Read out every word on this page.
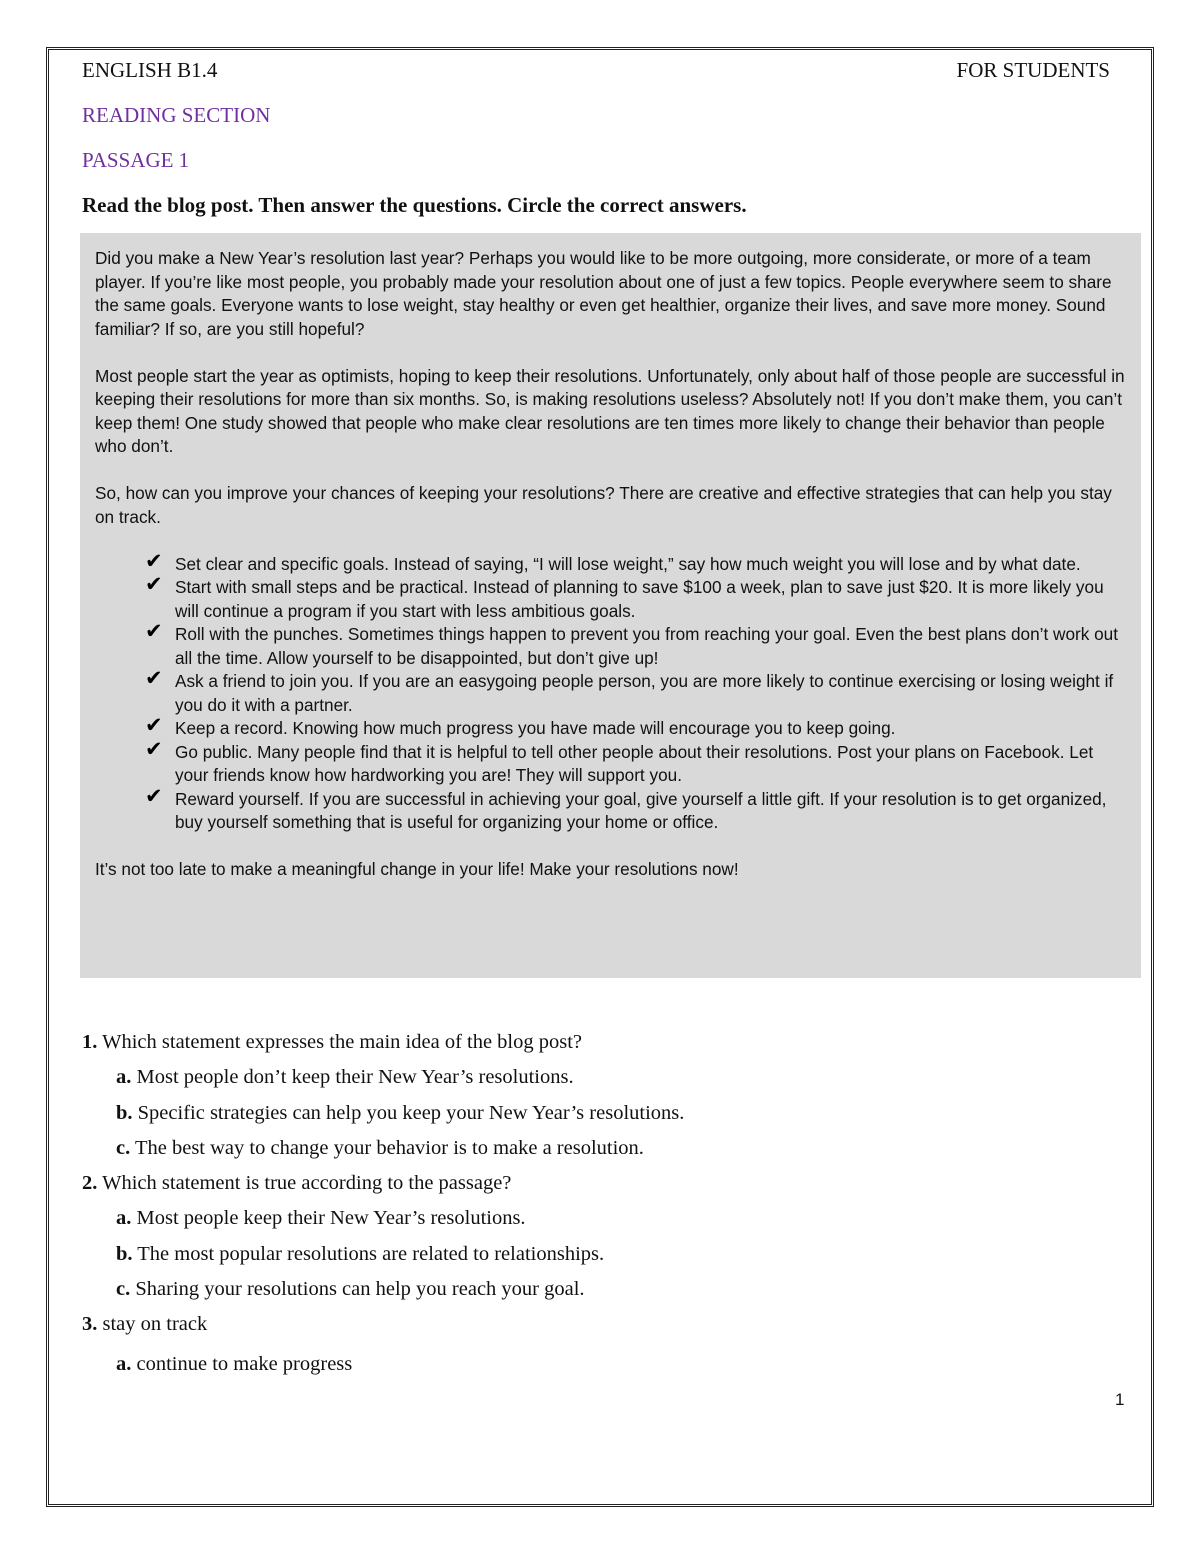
ENGLISH B1.4	FOR STUDENTS
READING SECTION
PASSAGE 1
Read the blog post. Then answer the questions. Circle the correct answers.

Did you make a New Year’s resolution last year? Perhaps you would like to be more outgoing, more considerate, or more of a team player. If you’re like most people, you probably made your resolution about one of just a few topics. People everywhere seem to share the same goals. Everyone wants to lose weight, stay healthy or even get healthier, organize their lives, and save more money. Sound familiar? If so, are you still hopeful?

Most people start the year as optimists, hoping to keep their resolutions. Unfortunately, only about half of those people are successful in keeping their resolutions for more than six months. So, is making resolutions useless? Absolutely not! If you don’t make them, you can’t keep them! One study showed that people who make clear resolutions are ten times more likely to change their behavior than people who don’t.

So, how can you improve your chances of keeping your resolutions? There are creative and effective strategies that can help you stay on track.

✔ Set clear and specific goals. Instead of saying, “I will lose weight,” say how much weight you will lose and by what date.
✔ Start with small steps and be practical. Instead of planning to save $100 a week, plan to save just $20. It is more likely you will continue a program if you start with less ambitious goals.
✔ Roll with the punches. Sometimes things happen to prevent you from reaching your goal. Even the best plans don’t work out all the time. Allow yourself to be disappointed, but don’t give up!
✔ Ask a friend to join you. If you are an easygoing people person, you are more likely to continue exercising or losing weight if you do it with a partner.
✔ Keep a record. Knowing how much progress you have made will encourage you to keep going.
✔ Go public. Many people find that it is helpful to tell other people about their resolutions. Post your plans on Facebook. Let your friends know how hardworking you are! They will support you.
✔ Reward yourself. If you are successful in achieving your goal, give yourself a little gift. If your resolution is to get organized, buy yourself something that is useful for organizing your home or office.

It’s not too late to make a meaningful change in your life! Make your resolutions now!

1. Which statement expresses the main idea of the blog post?
a. Most people don’t keep their New Year’s resolutions.
b. Specific strategies can help you keep your New Year’s resolutions.
c. The best way to change your behavior is to make a resolution.
2. Which statement is true according to the passage?
a. Most people keep their New Year’s resolutions.
b. The most popular resolutions are related to relationships.
c. Sharing your resolutions can help you reach your goal.
3. stay on track
a. continue to make progress
1
